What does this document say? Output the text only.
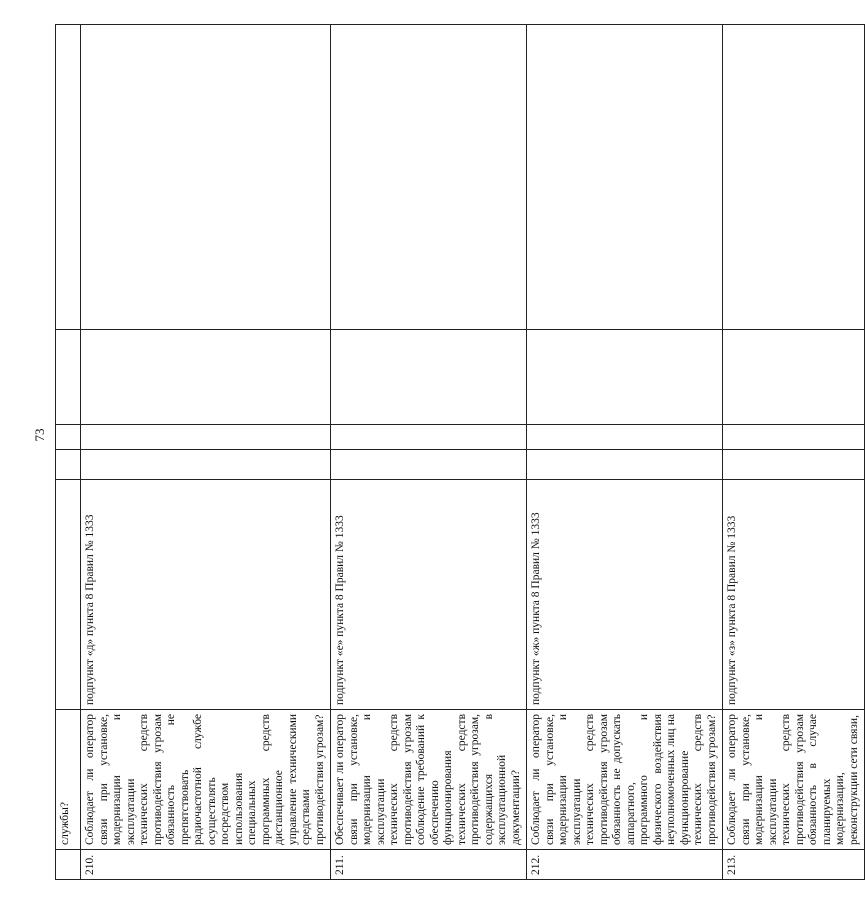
73
	службы?					
210.	Соблюдает ли оператор связи при установке, модернизации и эксплуатации технических средств противодействия угрозам обязанность не препятствовать радиочастотной службе осуществлять посредством использования специальных программных средств дистанционное управление техническими средствами противодействия угрозам?	подпункт «д» пункта 8 Правил № 1333				
211.	Обеспечивает ли оператор связи при установке, модернизации и эксплуатации технических средств противодействия угрозам соблюдение требований к обеспечению функционирования технических средств противодействия угрозам, содержащихся в эксплуатационной документации?	подпункт «е» пункта 8 Правил № 1333				
212.	Соблюдает ли оператор связи при установке, модернизации и эксплуатации технических средств противодействия угрозам обязанность не допускать аппаратного, программного и физического воздействия неуполномоченных лиц на функционирование технических средств противодействия угрозам?	подпункт «ж» пункта 8 Правил № 1333				
213.	Соблюдает ли оператор связи при установке, модернизации и эксплуатации технических средств противодействия угрозам обязанность в случае планируемых модернизации, реконструкции сети связи,	подпункт «з» пункта 8 Правил № 1333				
